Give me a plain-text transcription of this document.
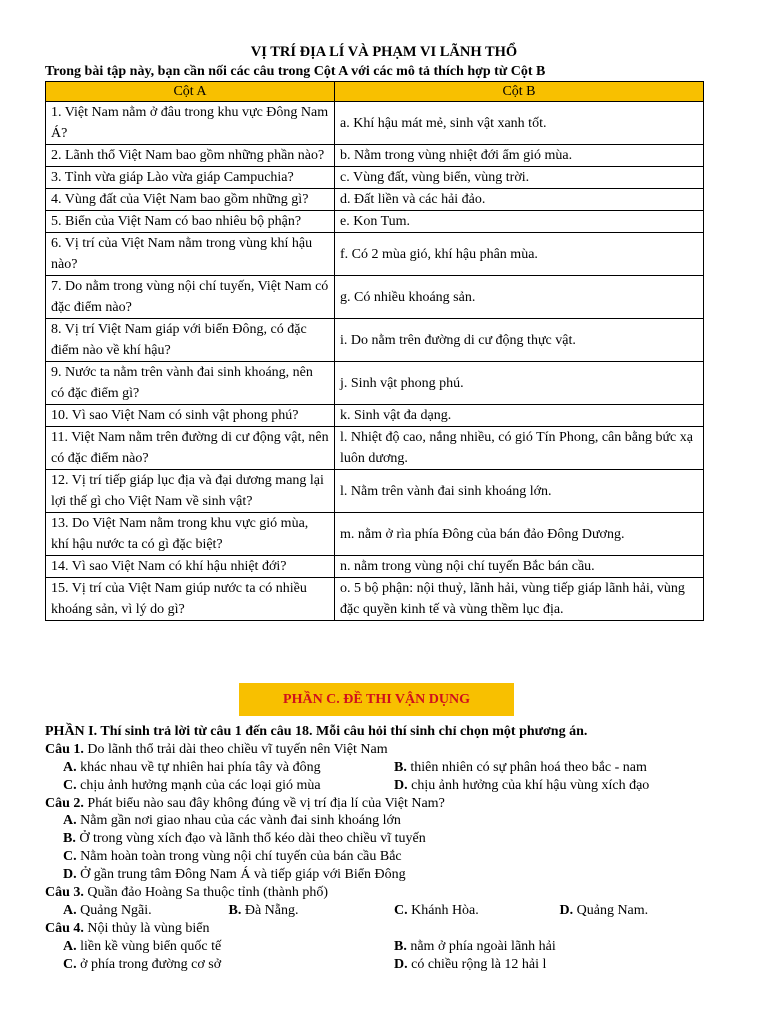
VỊ TRÍ ĐỊA LÍ VÀ PHẠM VI LÃNH THỔ
Trong bài tập này, bạn cần nối các câu trong Cột A với các mô tả thích hợp từ Cột B
Cột A	Cột B
1. Việt Nam nằm ở đâu trong khu vực Đông Nam Á?	a. Khí hậu mát mẻ, sinh vật xanh tốt.
2. Lãnh thổ Việt Nam bao gồm những phần nào?	b. Nằm trong vùng nhiệt đới ẩm gió mùa.
3. Tỉnh vừa giáp Lào vừa giáp Campuchia?	c. Vùng đất, vùng biển, vùng trời.
4. Vùng đất của Việt Nam bao gồm những gì?	d. Đất liền và các hải đảo.
5. Biển của Việt Nam có bao nhiêu bộ phận?	e. Kon Tum.
6. Vị trí của Việt Nam nằm trong vùng khí hậu nào?	f. Có 2 mùa gió, khí hậu phân mùa.
7. Do nằm trong vùng nội chí tuyến, Việt Nam có đặc điểm nào?	g. Có nhiều khoáng sản.
8. Vị trí Việt Nam giáp với biển Đông, có đặc điểm nào về khí hậu?	i. Do nằm trên đường di cư động thực vật.
9. Nước ta nằm trên vành đai sinh khoáng, nên có đặc điểm gì?	j. Sinh vật phong phú.
10. Vì sao Việt Nam có sinh vật phong phú?	k. Sinh vật đa dạng.
11. Việt Nam nằm trên đường di cư động vật, nên có đặc điểm nào?	l. Nhiệt độ cao, nắng nhiều, có gió Tín Phong, cân bằng bức xạ luôn dương.
12. Vị trí tiếp giáp lục địa và đại dương mang lại lợi thế gì cho Việt Nam về sinh vật?	l. Nằm trên vành đai sinh khoáng lớn.
13. Do Việt Nam nằm trong khu vực gió mùa, khí hậu nước ta có gì đặc biệt?	m. nằm ở rìa phía Đông của bán đảo Đông Dương.
14. Vì sao Việt Nam có khí hậu nhiệt đới?	n. nằm trong vùng nội chí tuyến Bắc bán cầu.
15. Vị trí của Việt Nam giúp nước ta có nhiều khoáng sản, vì lý do gì?	o. 5 bộ phận: nội thuỷ, lãnh hải, vùng tiếp giáp lãnh hải, vùng đặc quyền kinh tế và vùng thềm lục địa.
PHẦN C. ĐỀ THI VẬN DỤNG
PHẦN I. Thí sinh trả lời từ câu 1 đến câu 18. Mỗi câu hỏi thí sinh chỉ chọn một phương án.
Câu 1. Do lãnh thổ trải dài theo chiều vĩ tuyến nên Việt Nam
A. khác nhau về tự nhiên hai phía tây và đông	B. thiên nhiên có sự phân hoá theo bắc - nam
C. chịu ảnh hưởng mạnh của các loại gió mùa	D. chịu ảnh hưởng của khí hậu vùng xích đạo
Câu 2. Phát biểu nào sau đây không đúng về vị trí địa lí của Việt Nam?
A. Nằm gần nơi giao nhau của các vành đai sinh khoáng lớn
B. Ở trong vùng xích đạo và lãnh thổ kéo dài theo chiều vĩ tuyến
C. Nằm hoàn toàn trong vùng nội chí tuyến của bán cầu Bắc
D. Ở gần trung tâm Đông Nam Á và tiếp giáp với Biển Đông
Câu 3. Quần đảo Hoàng Sa thuộc tỉnh (thành phố)
A. Quảng Ngãi.	B. Đà Nẵng.	C. Khánh Hòa.	D. Quảng Nam.
Câu 4. Nội thủy là vùng biển
A. liền kề vùng biển quốc tế	B. nằm ở phía ngoài lãnh hải
C. ở phía trong đường cơ sở	D. có chiều rộng là 12 hải l
